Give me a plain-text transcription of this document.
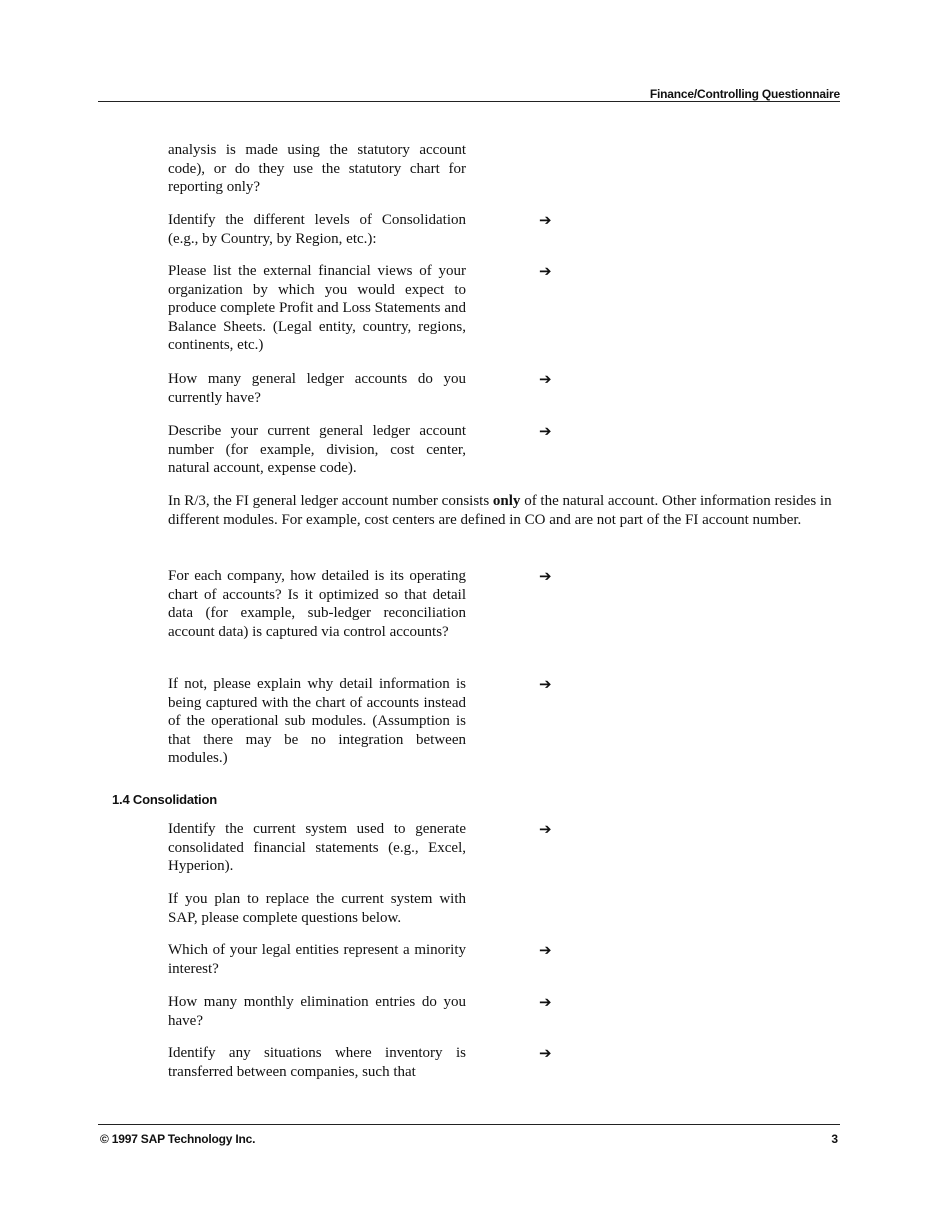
Finance/Controlling Questionnaire

analysis is made using the statutory account code), or do they use the statutory chart for reporting only?

Identify the different levels of Consolidation (e.g., by Country, by Region, etc.):

➔

Please list the external financial views of your organization by which you would expect to produce complete Profit and Loss Statements and Balance Sheets. (Legal entity, country, regions, continents, etc.)

➔

How many general ledger accounts do you currently have?

➔

Describe your current general ledger account number (for example, division, cost center, natural account, expense code).

➔

In R/3, the FI general ledger account number consists only of the natural account. Other information resides in different modules. For example, cost centers are defined in CO and are not part of the FI account number.

For each company, how detailed is its operating chart of accounts? Is it optimized so that detail data (for example, sub-ledger reconciliation account data) is captured via control accounts?

➔

If not, please explain why detail information is being captured with the chart of accounts instead of the operational sub modules. (Assumption is that there may be no integration between modules.)

➔
1.4 Consolidation

Identify the current system used to generate consolidated financial statements (e.g., Excel, Hyperion).

➔

If you plan to replace the current system with SAP, please complete questions below.

Which of your legal entities represent a minority interest?

➔

How many monthly elimination entries do you have?

➔

Identify any situations where inventory is transferred between companies, such that

➔
© 1997 SAP Technology Inc.	3
